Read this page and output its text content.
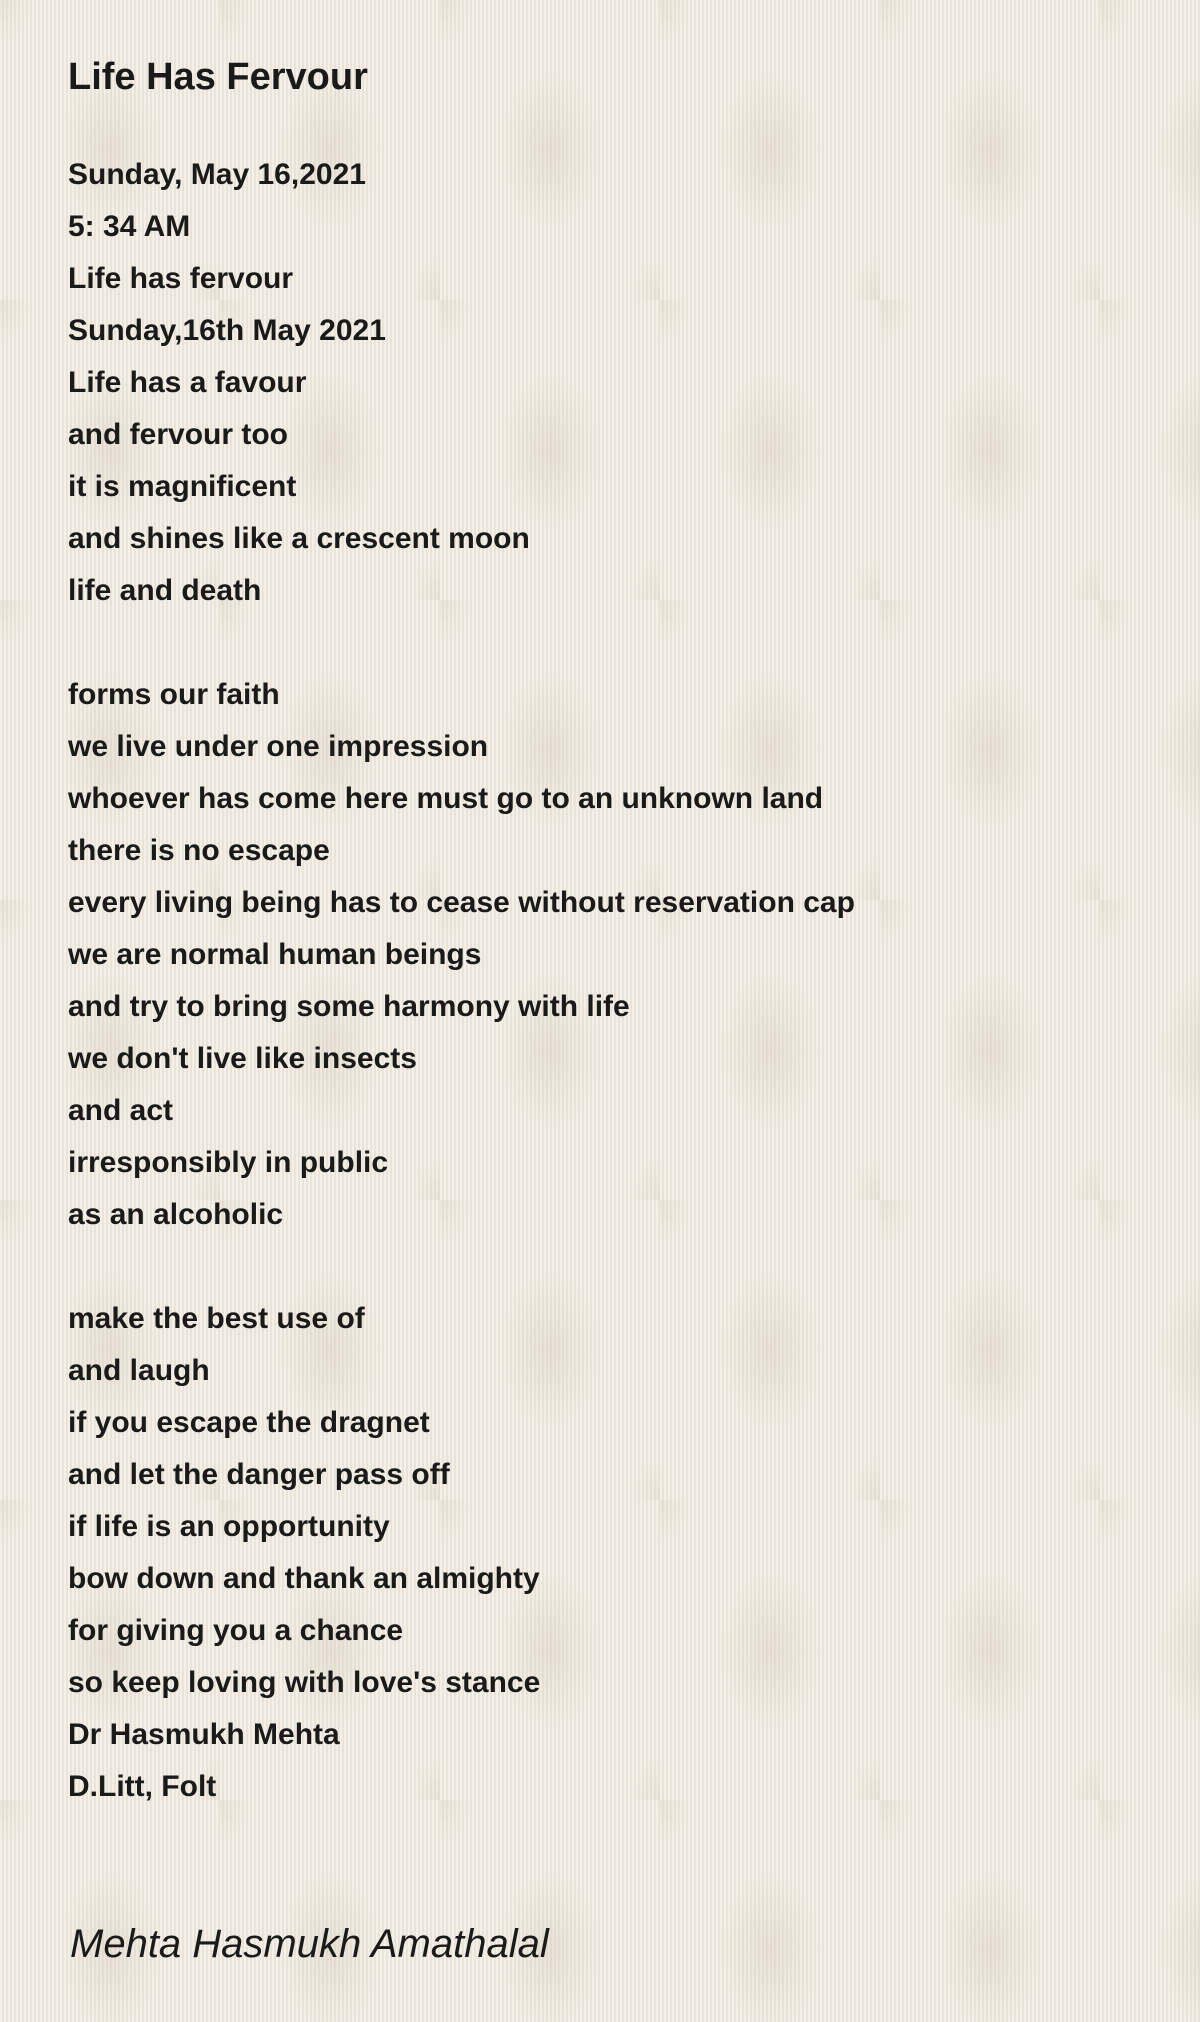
Life Has Fervour
Sunday, May 16,2021
5: 34 AM
Life has fervour
Sunday,16th May 2021
Life has a favour
and fervour too
it is magnificent
and shines like a crescent moon
life and death
forms our faith
we live under one impression
whoever has come here must go to an unknown land
there is no escape
every living being has to cease without reservation cap
we are normal human beings
and try to bring some harmony with life
we don't live like insects
and act
irresponsibly in public
as an alcoholic
make the best use of
and laugh
if you escape the dragnet
and let the danger pass off
if life is an opportunity
bow down and thank an almighty
for giving you a chance
so keep loving with love's stance
Dr Hasmukh Mehta
D.Litt, Folt
Mehta Hasmukh Amathalal
